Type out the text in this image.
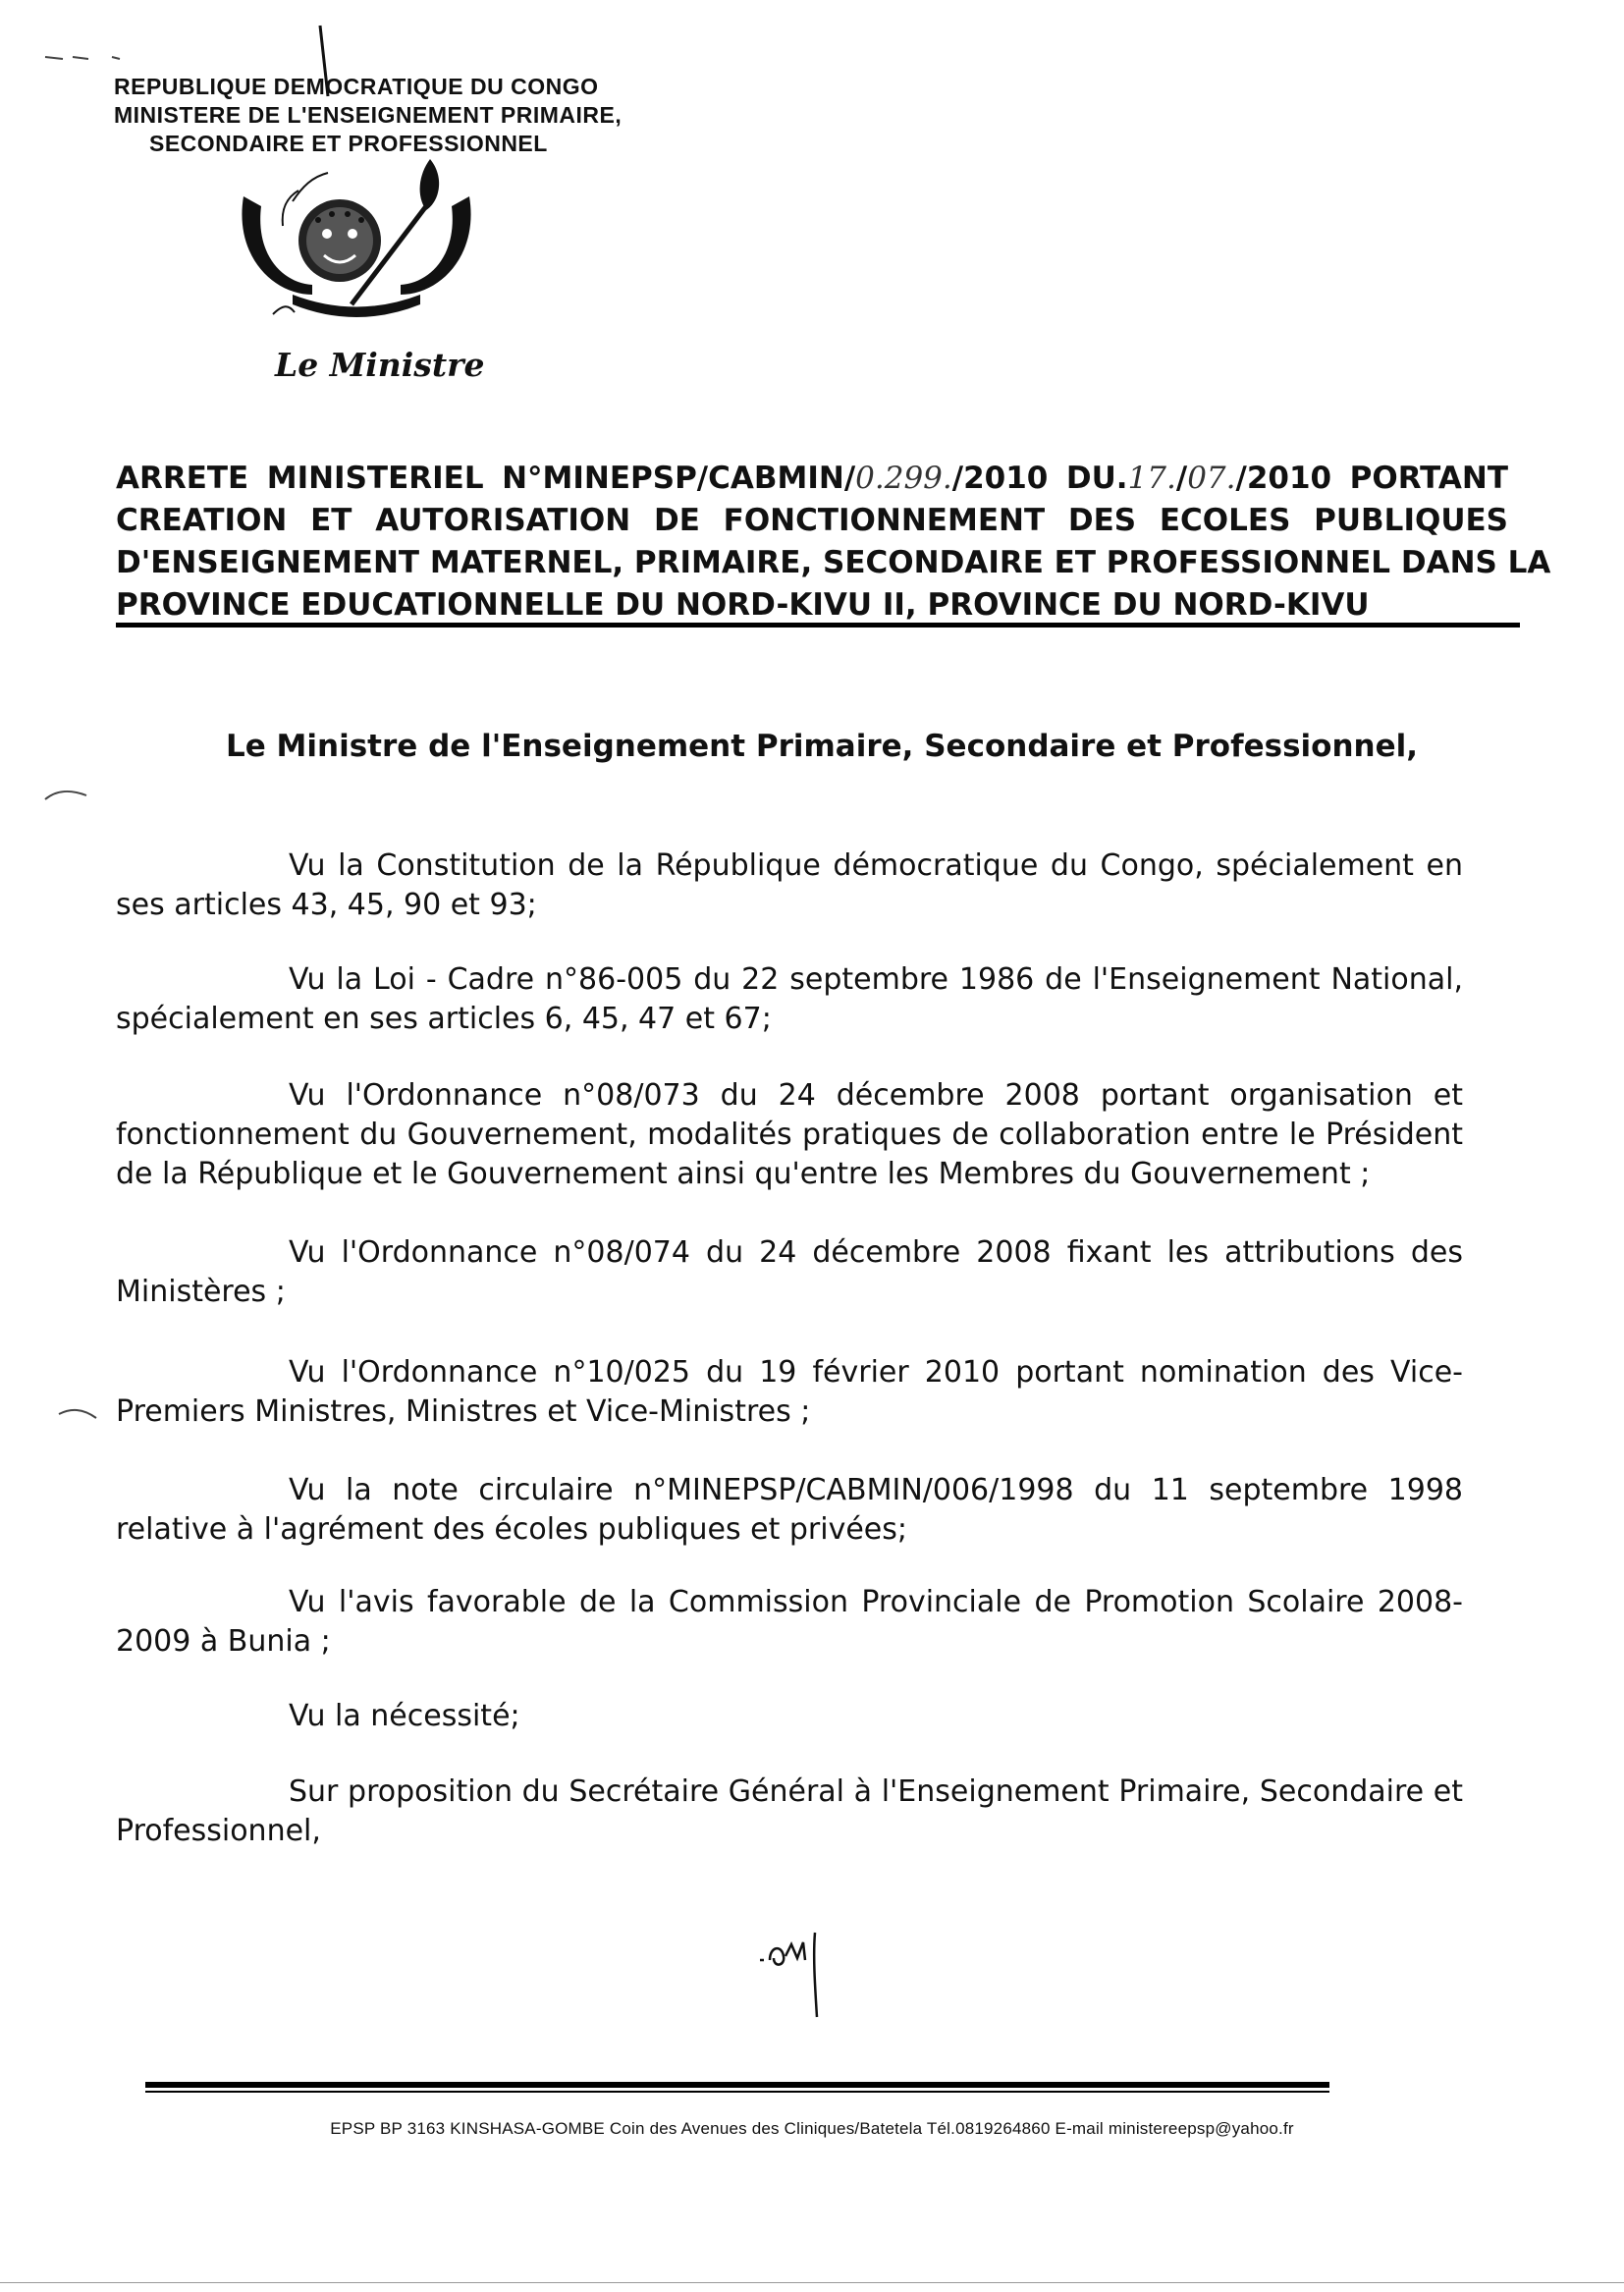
REPUBLIQUE DEMOCRATIQUE DU CONGO
MINISTERE DE L'ENSEIGNEMENT PRIMAIRE,
SECONDAIRE ET PROFESSIONNEL
Le Ministre
ARRETE MINISTERIEL N°MINEPSP/CABMIN/0.299./2010 DU.17./07./2010 PORTANT
CREATION ET AUTORISATION DE FONCTIONNEMENT DES ECOLES PUBLIQUES
D'ENSEIGNEMENT MATERNEL, PRIMAIRE, SECONDAIRE ET PROFESSIONNEL DANS LA
PROVINCE EDUCATIONNELLE DU NORD-KIVU II, PROVINCE DU NORD-KIVU
Le Ministre de l'Enseignement Primaire, Secondaire et Professionnel,
Vu la Constitution de la République démocratique du Congo, spécialement en ses articles 43, 45, 90 et 93;
Vu la Loi - Cadre n°86-005 du 22 septembre 1986 de l'Enseignement National, spécialement en ses articles 6, 45, 47 et 67;
Vu l'Ordonnance n°08/073 du 24 décembre 2008 portant organisation et fonctionnement du Gouvernement, modalités pratiques de collaboration entre le Président de la République et le Gouvernement ainsi qu'entre les Membres du Gouvernement ;
Vu l'Ordonnance n°08/074 du 24 décembre 2008 fixant les attributions des Ministères ;
Vu l'Ordonnance n°10/025 du 19 février 2010 portant nomination des Vice-Premiers Ministres, Ministres et Vice-Ministres ;
Vu la note circulaire n°MINEPSP/CABMIN/006/1998 du 11 septembre 1998 relative à l'agrément des écoles publiques et privées;
Vu l'avis favorable de la Commission Provinciale de Promotion Scolaire 2008-2009 à Bunia ;
Vu la nécessité;
Sur proposition du Secrétaire Général à l'Enseignement Primaire, Secondaire et Professionnel,
EPSP BP 3163 KINSHASA-GOMBE Coin des Avenues des Cliniques/Batetela Tél.0819264860 E-mail ministereepsp@yahoo.fr
